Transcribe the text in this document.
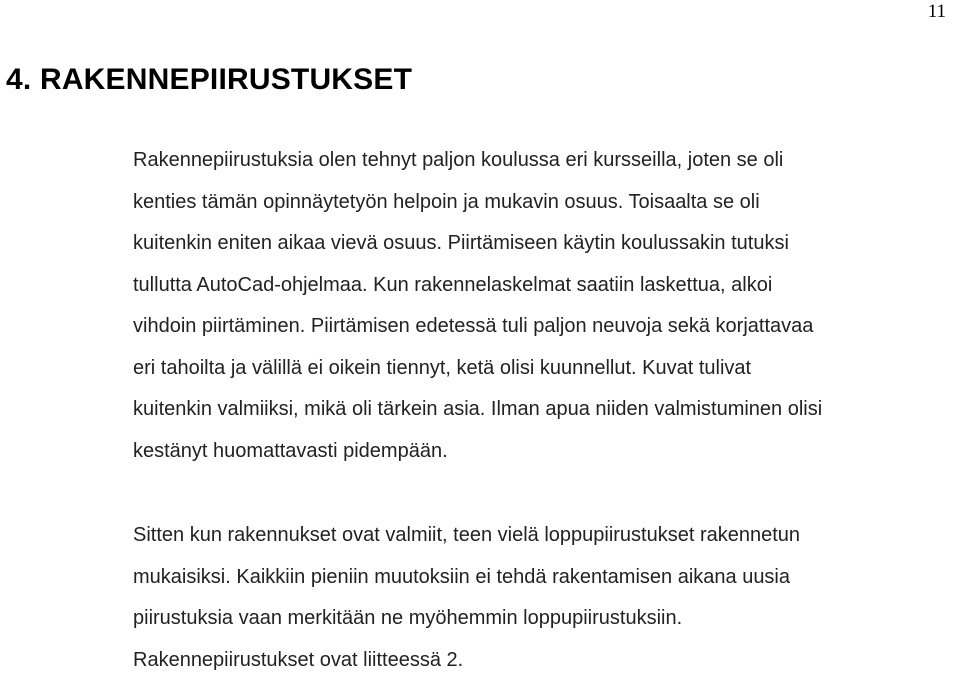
11
4. RAKENNEPIIRUSTUKSET
Rakennepiirustuksia olen tehnyt paljon koulussa eri kursseilla, joten se oli
kenties tämän opinnäytetyön helpoin ja mukavin osuus. Toisaalta se oli
kuitenkin eniten aikaa vievä osuus. Piirtämiseen käytin koulussakin tutuksi
tullutta AutoCad-ohjelmaa. Kun rakennelaskelmat saatiin laskettua, alkoi
vihdoin piirtäminen. Piirtämisen edetessä tuli paljon neuvoja sekä korjattavaa
eri tahoilta ja välillä ei oikein tiennyt, ketä olisi kuunnellut. Kuvat tulivat
kuitenkin valmiiksi, mikä oli tärkein asia. Ilman apua niiden valmistuminen olisi
kestänyt huomattavasti pidempään.
Sitten kun rakennukset ovat valmiit, teen vielä loppupiirustukset rakennetun
mukaisiksi. Kaikkiin pieniin muutoksiin ei tehdä rakentamisen aikana uusia
piirustuksia vaan merkitään ne myöhemmin loppupiirustuksiin.
Rakennepiirustukset ovat liitteessä 2.
